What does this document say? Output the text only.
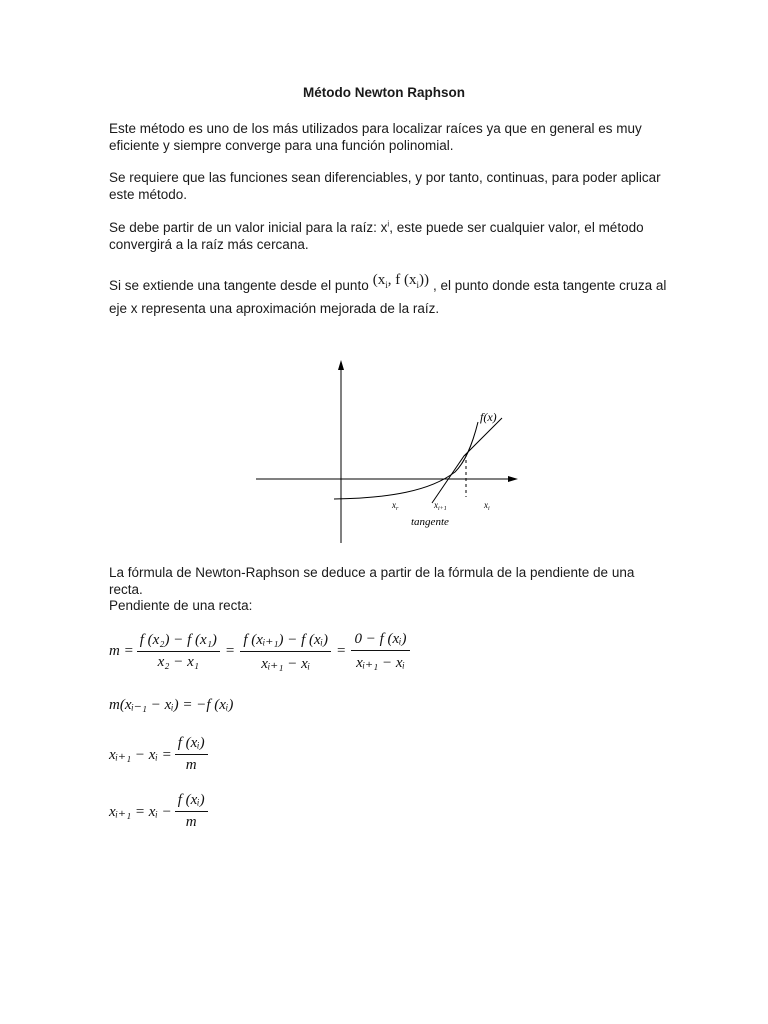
Método Newton Raphson

Este método es uno de los más utilizados para localizar raíces ya que en general es muy eficiente y siempre converge para una función polinomial.

Se requiere que las funciones sean diferenciables, y por tanto, continuas, para poder aplicar este método.

Se debe partir de un valor inicial para la raíz: $x^i$, este puede ser cualquier valor, el método convergirá a la raíz más cercana.

Si se extiende una tangente desde el punto ($x_i$, f $(x_i)$) , el punto donde esta tangente cruza al eje x representa una aproximación mejorada de la raíz.

f(x)
$x_r$	$x_{i+1}$	$x_i$
tangente

La fórmula de Newton-Raphson se deduce a partir de la fórmula de la pendiente de una recta.

Pendiente de una recta:

$m = \frac{\text{f (x₂) − f (x₁)}}{\text{x₂ − x₁}} = \frac{\text{f (xᵢ₊₁) − f (xᵢ)}}{\text{xᵢ₊₁ − xᵢ}} = \frac{\text{0 − f (xᵢ)}}{\text{xᵢ₊₁ − xᵢ}}$
m(xᵢ₋₁ − xᵢ) = −f (xᵢ)
xᵢ₊₁ − xᵢ = $\frac{\text{f (xᵢ)}}{m}$
xᵢ₊₁ = xᵢ − $\frac{\text{f (xᵢ)}}{m}$
